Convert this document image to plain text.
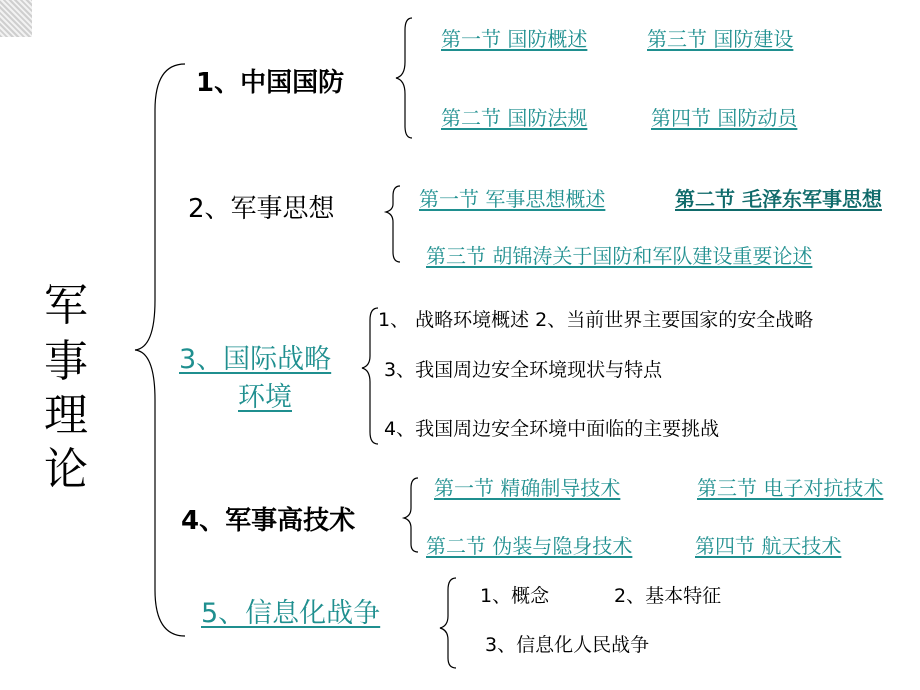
军
事
理
论
1、中国国防
第一节 国防概述	第三节 国防建设
第二节 国防法规	第四节 国防动员
2、军事思想	第一节 军事思想概述	第二节 毛泽东军事思想
第三节 胡锦涛关于国防和军队建设重要论述
3、国际战略
环境
1、 战略环境概述 2、当前世界主要国家的安全战略
3、我国周边安全环境现状与特点
4、我国周边安全环境中面临的主要挑战
4、军事高技术
第一节 精确制导技术	第三节 电子对抗技术
第二节 伪装与隐身技术	第四节 航天技术
5、信息化战争
1、概念	2、基本特征
3、信息化人民战争
